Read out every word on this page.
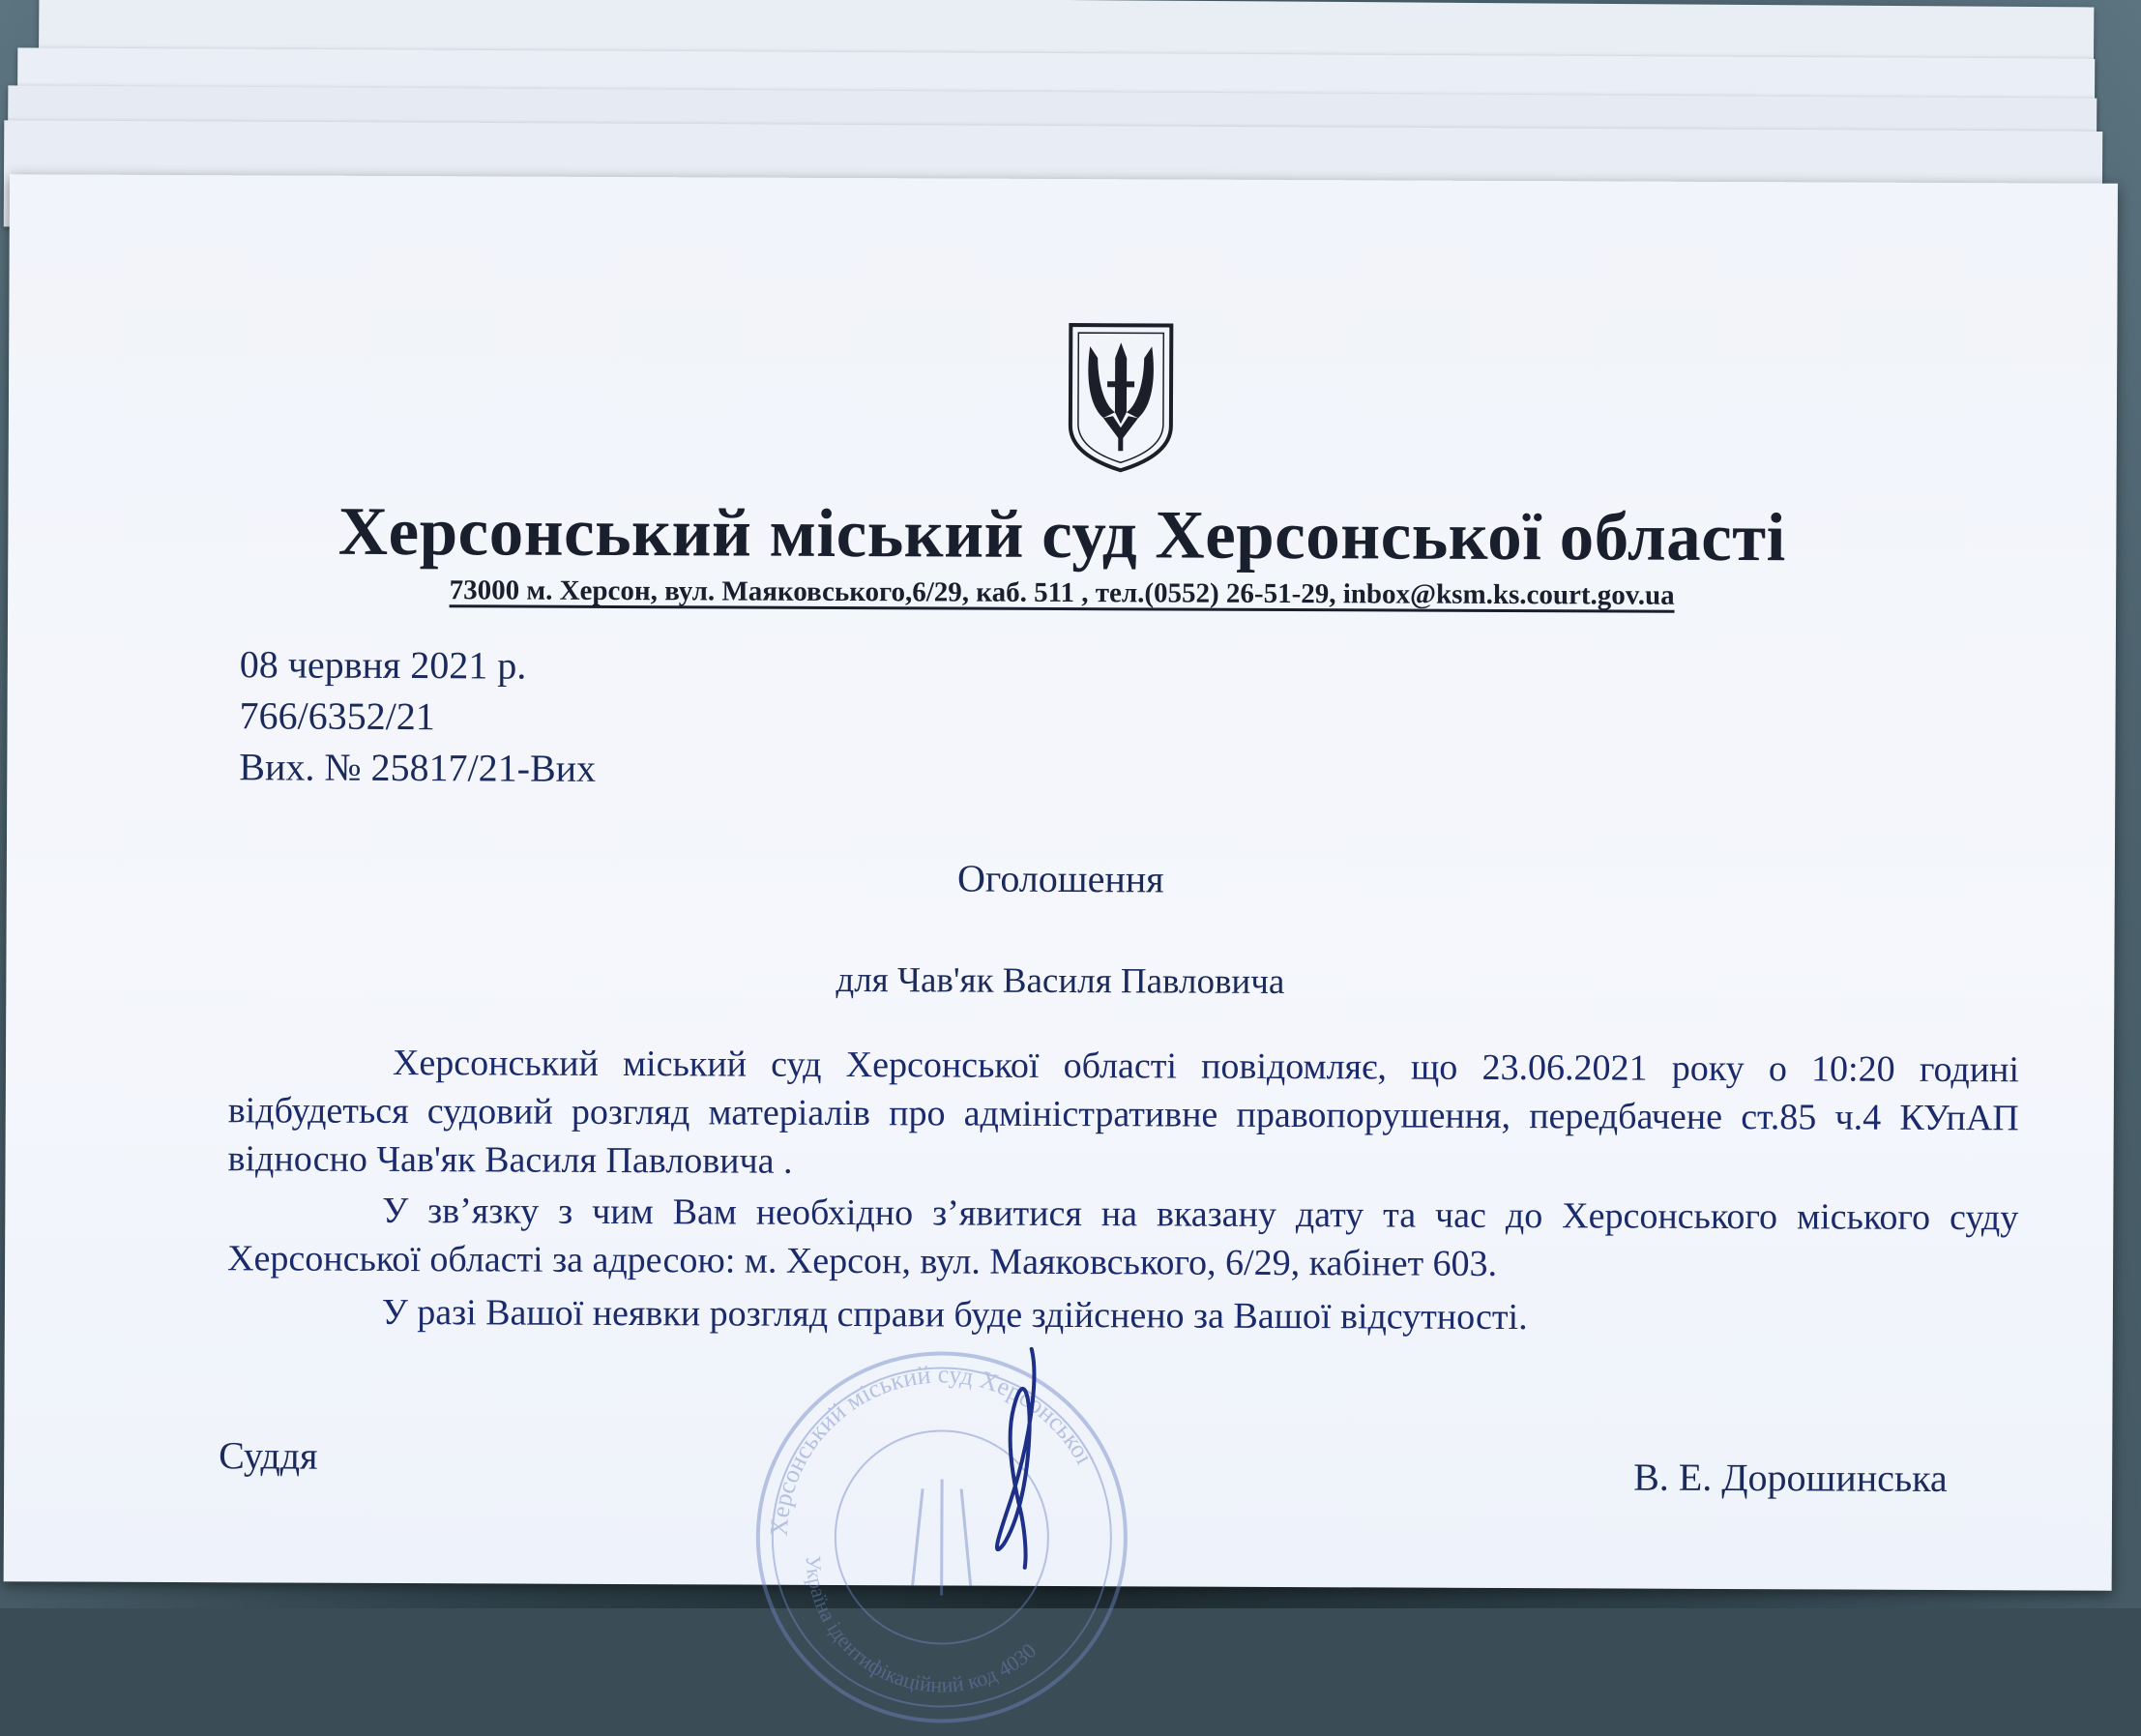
Херсонський міський суд Херсонської області
73000 м. Херсон, вул. Маяковського,6/29, каб. 511 , тел.(0552) 26-51-29, inbox@ksm.ks.court.gov.ua
08 червня 2021 р.
766/6352/21
Вих. № 25817/21-Вих
Оголошення
для Чав'як Василя Павловича
Херсонський міський суд Херсонської області повідомляє, що 23.06.2021 року о 10:20 годині відбудеться судовий розгляд матеріалів про адміністративне правопорушення, передбачене ст.85 ч.4 КУпАП відносно Чав'як Василя Павловича .
У зв’язку з чим Вам необхідно з’явитися на вказану дату та час до Херсонського міського суду Херсонської області за адресою: м. Херсон, вул. Маяковського, 6/29, кабінет 603.
У разі Вашої неявки розгляд справи буде здійснено за Вашої відсутності.
Херсонський міський суд Херсонської
Україна ідентифікаційний код 4030
Суддя	В. Е. Дорошинська
